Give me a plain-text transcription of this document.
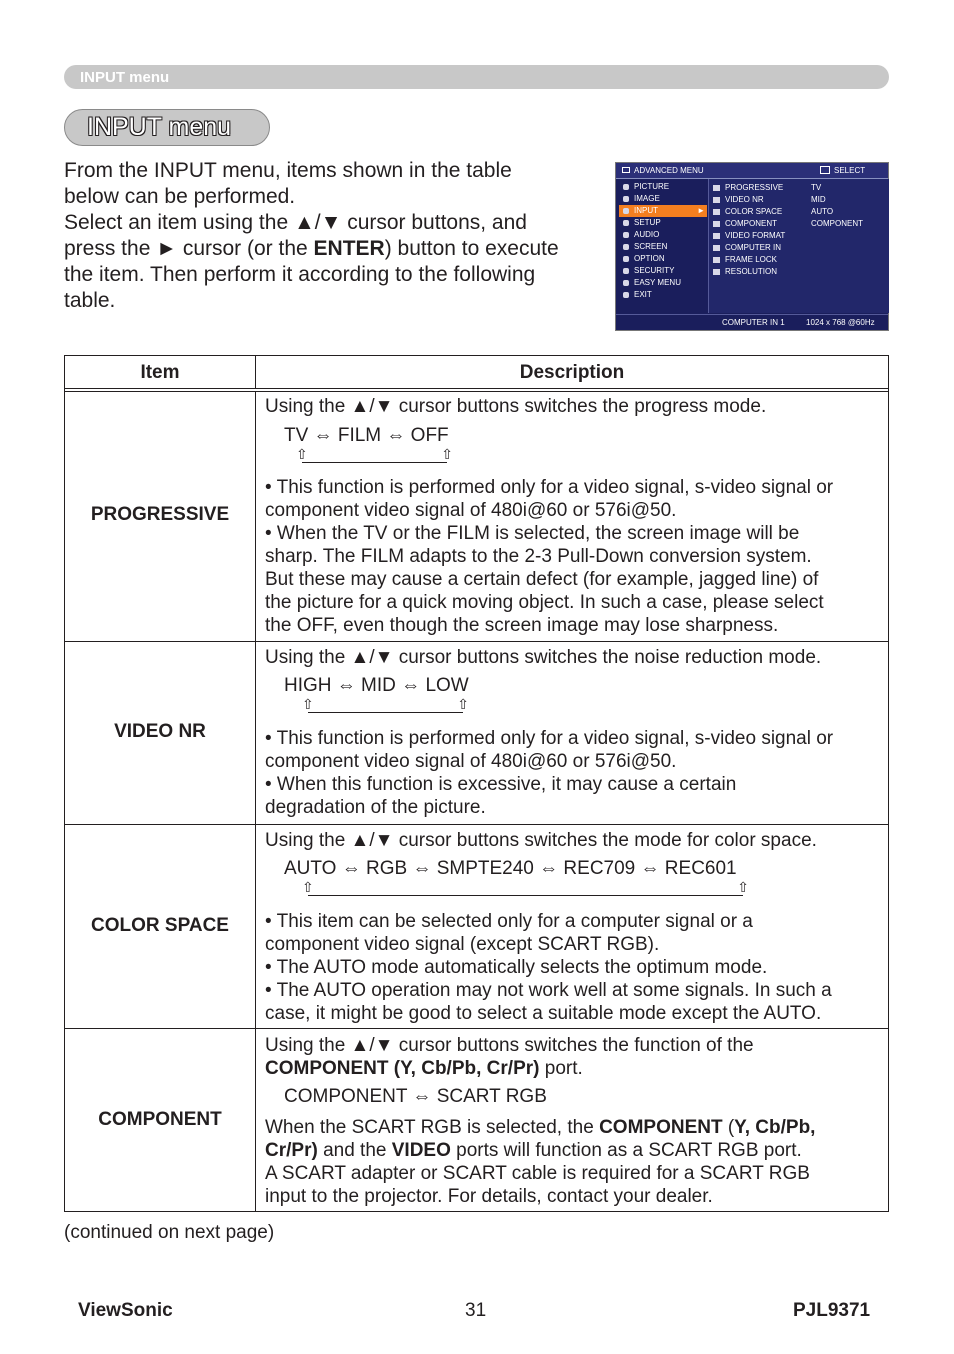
INPUT menu
INPUT menu

From the INPUT menu, items shown in the table

below can be performed.

Select an item using the ▲/▼ cursor buttons, and

press the ► cursor (or the ENTER) button to execute

the item. Then perform it according to the following

table.

ADVANCED MENU	SELECT
PICTURE
IMAGE
INPUT	►
SETUP
AUDIO
SCREEN
OPTION
SECURITY
EASY MENU
EXIT
PROGRESSIVE	TV
VIDEO NR	MID
COLOR SPACE	AUTO
COMPONENT	COMPONENT
VIDEO FORMAT
COMPUTER IN
FRAME LOCK
RESOLUTION
COMPUTER IN 1	1024 x 768 @60Hz
Item	Description
PROGRESSIVE
Using the ▲/▼ cursor buttons switches the progress mode.
TV ⇔ FILM ⇔ OFF
⇧	⇧

• This function is performed only for a video signal, s-video signal or

component video signal of 480i@60 or 576i@50.

• When the TV or the FILM is selected, the screen image will be

sharp. The FILM adapts to the 2-3 Pull-Down conversion system.

But these may cause a certain defect (for example, jagged line) of

the picture for a quick moving object. In such a case, please select

the OFF, even though the screen image may lose sharpness.

VIDEO NR
Using the ▲/▼ cursor buttons switches the noise reduction mode.
HIGH ⇔ MID ⇔ LOW
⇧	⇧

• This function is performed only for a video signal, s-video signal or

component video signal of 480i@60 or 576i@50.

• When this function is excessive, it may cause a certain

degradation of the picture.

COLOR SPACE
Using the ▲/▼ cursor buttons switches the mode for color space.
AUTO ⇔ RGB ⇔ SMPTE240 ⇔ REC709 ⇔ REC601
⇧	⇧

• This item can be selected only for a computer signal or a

component video signal (except SCART RGB).

• The AUTO mode automatically selects the optimum mode.

• The AUTO operation may not work well at some signals. In such a

case, it might be good to select a suitable mode except the AUTO.

COMPONENT

Using the ▲/▼ cursor buttons switches the function of the

COMPONENT (Y, Cb/Pb, Cr/Pr) port.

COMPONENT ⇔ SCART RGB

When the SCART RGB is selected, the COMPONENT (Y, Cb/Pb,

Cr/Pr) and the VIDEO ports will function as a SCART RGB port.

A SCART adapter or SCART cable is required for a SCART RGB

input to the projector. For details, contact your dealer.

(continued on next page)
ViewSonic	31	PJL9371
